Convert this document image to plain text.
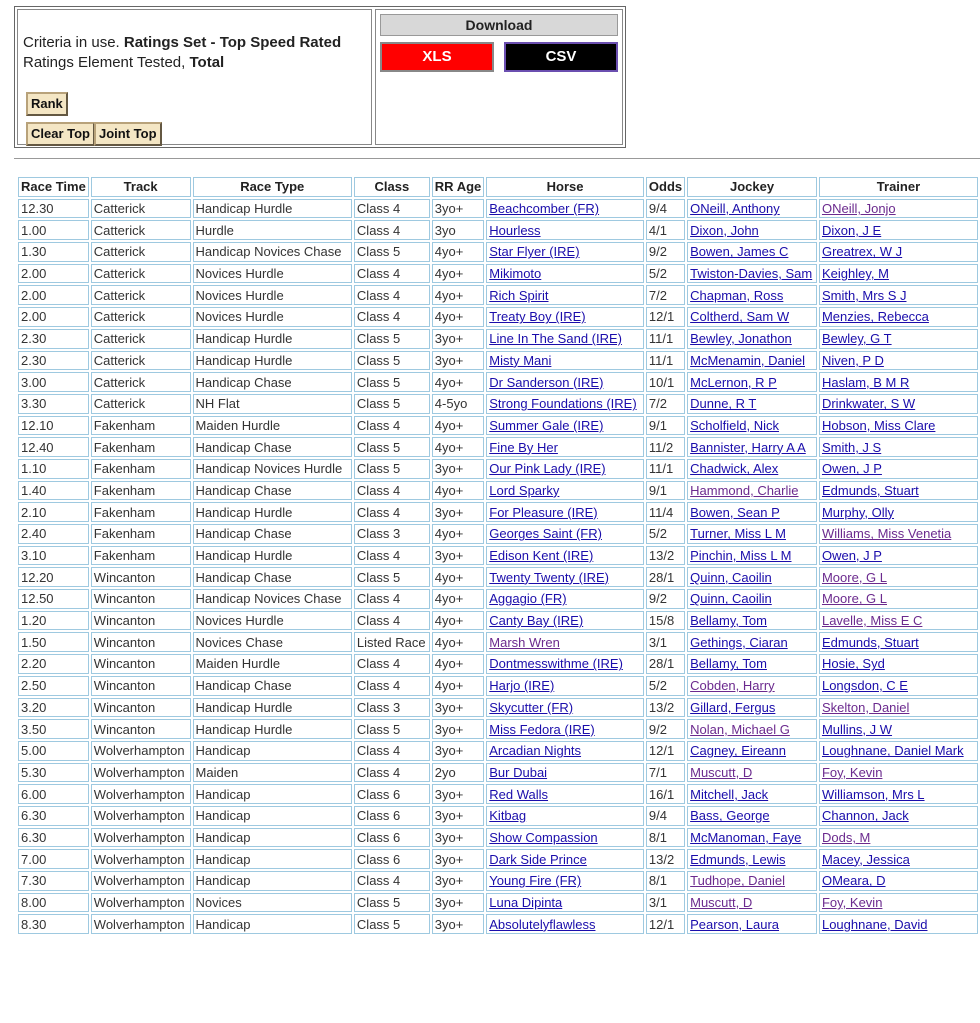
Criteria in use. Ratings Set - Top Speed Rated
Ratings Element Tested, Total
Rank
Clear Top Joint Top
Download
XLS	CSV
Race Time	Track	Race Type	Class	RR Age	Horse	Odds	Jockey	Trainer
12.30	Catterick	Handicap Hurdle	Class 4	3yo+	Beachcomber (FR)	9/4	ONeill, Anthony	ONeill, Jonjo
1.00	Catterick	Hurdle	Class 4	3yo	Hourless	4/1	Dixon, John	Dixon, J E
1.30	Catterick	Handicap Novices Chase	Class 5	4yo+	Star Flyer (IRE)	9/2	Bowen, James C	Greatrex, W J
2.00	Catterick	Novices Hurdle	Class 4	4yo+	Mikimoto	5/2	Twiston-Davies, Sam	Keighley, M
2.00	Catterick	Novices Hurdle	Class 4	4yo+	Rich Spirit	7/2	Chapman, Ross	Smith, Mrs S J
2.00	Catterick	Novices Hurdle	Class 4	4yo+	Treaty Boy (IRE)	12/1	Coltherd, Sam W	Menzies, Rebecca
2.30	Catterick	Handicap Hurdle	Class 5	3yo+	Line In The Sand (IRE)	11/1	Bewley, Jonathon	Bewley, G T
2.30	Catterick	Handicap Hurdle	Class 5	3yo+	Misty Mani	11/1	McMenamin, Daniel	Niven, P D
3.00	Catterick	Handicap Chase	Class 5	4yo+	Dr Sanderson (IRE)	10/1	McLernon, R P	Haslam, B M R
3.30	Catterick	NH Flat	Class 5	4-5yo	Strong Foundations (IRE)	7/2	Dunne, R T	Drinkwater, S W
12.10	Fakenham	Maiden Hurdle	Class 4	4yo+	Summer Gale (IRE)	9/1	Scholfield, Nick	Hobson, Miss Clare
12.40	Fakenham	Handicap Chase	Class 5	4yo+	Fine By Her	11/2	Bannister, Harry A A	Smith, J S
1.10	Fakenham	Handicap Novices Hurdle	Class 5	3yo+	Our Pink Lady (IRE)	11/1	Chadwick, Alex	Owen, J P
1.40	Fakenham	Handicap Chase	Class 4	4yo+	Lord Sparky	9/1	Hammond, Charlie	Edmunds, Stuart
2.10	Fakenham	Handicap Hurdle	Class 4	3yo+	For Pleasure (IRE)	11/4	Bowen, Sean P	Murphy, Olly
2.40	Fakenham	Handicap Chase	Class 3	4yo+	Georges Saint (FR)	5/2	Turner, Miss L M	Williams, Miss Venetia
3.10	Fakenham	Handicap Hurdle	Class 4	3yo+	Edison Kent (IRE)	13/2	Pinchin, Miss L M	Owen, J P
12.20	Wincanton	Handicap Chase	Class 5	4yo+	Twenty Twenty (IRE)	28/1	Quinn, Caoilin	Moore, G L
12.50	Wincanton	Handicap Novices Chase	Class 4	4yo+	Aggagio (FR)	9/2	Quinn, Caoilin	Moore, G L
1.20	Wincanton	Novices Hurdle	Class 4	4yo+	Canty Bay (IRE)	15/8	Bellamy, Tom	Lavelle, Miss E C
1.50	Wincanton	Novices Chase	Listed Race	4yo+	Marsh Wren	3/1	Gethings, Ciaran	Edmunds, Stuart
2.20	Wincanton	Maiden Hurdle	Class 4	4yo+	Dontmesswithme (IRE)	28/1	Bellamy, Tom	Hosie, Syd
2.50	Wincanton	Handicap Chase	Class 4	4yo+	Harjo (IRE)	5/2	Cobden, Harry	Longsdon, C E
3.20	Wincanton	Handicap Hurdle	Class 3	3yo+	Skycutter (FR)	13/2	Gillard, Fergus	Skelton, Daniel
3.50	Wincanton	Handicap Hurdle	Class 5	3yo+	Miss Fedora (IRE)	9/2	Nolan, Michael G	Mullins, J W
5.00	Wolverhampton	Handicap	Class 4	3yo+	Arcadian Nights	12/1	Cagney, Eireann	Loughnane, Daniel Mark
5.30	Wolverhampton	Maiden	Class 4	2yo	Bur Dubai	7/1	Muscutt, D	Foy, Kevin
6.00	Wolverhampton	Handicap	Class 6	3yo+	Red Walls	16/1	Mitchell, Jack	Williamson, Mrs L
6.30	Wolverhampton	Handicap	Class 6	3yo+	Kitbag	9/4	Bass, George	Channon, Jack
6.30	Wolverhampton	Handicap	Class 6	3yo+	Show Compassion	8/1	McManoman, Faye	Dods, M
7.00	Wolverhampton	Handicap	Class 6	3yo+	Dark Side Prince	13/2	Edmunds, Lewis	Macey, Jessica
7.30	Wolverhampton	Handicap	Class 4	3yo+	Young Fire (FR)	8/1	Tudhope, Daniel	OMeara, D
8.00	Wolverhampton	Novices	Class 5	3yo+	Luna Dipinta	3/1	Muscutt, D	Foy, Kevin
8.30	Wolverhampton	Handicap	Class 5	3yo+	Absolutelyflawless	12/1	Pearson, Laura	Loughnane, David
